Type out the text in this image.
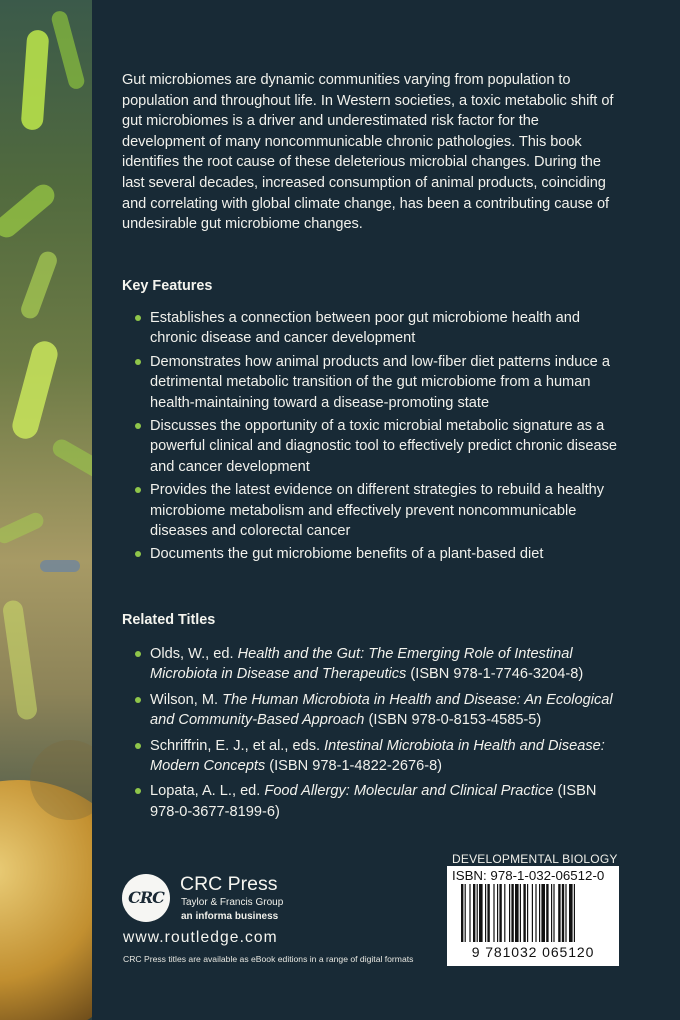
Gut microbiomes are dynamic communities varying from population to population and throughout life. In Western societies, a toxic metabolic shift of gut microbiomes is a driver and underestimated risk factor for the development of many noncommunicable chronic pathologies. This book identifies the root cause of these deleterious microbial changes. During the last several decades, increased consumption of animal products, coinciding and correlating with global climate change, has been a contributing cause of undesirable gut microbiome changes.

Key Features
Establishes a connection between poor gut microbiome health and chronic disease and cancer development
Demonstrates how animal products and low-fiber diet patterns induce a detrimental metabolic transition of the gut microbiome from a human health-maintaining toward a disease-promoting state
Discusses the opportunity of a toxic microbial metabolic signature as a powerful clinical and diagnostic tool to effectively predict chronic disease and cancer development
Provides the latest evidence on different strategies to rebuild a healthy microbiome metabolism and effectively prevent noncommunicable diseases and colorectal cancer
Documents the gut microbiome benefits of a plant-based diet
Related Titles
Olds, W., ed. Health and the Gut: The Emerging Role of Intestinal Microbiota in Disease and Therapeutics (ISBN 978-1-7746-3204-8)
Wilson, M. The Human Microbiota in Health and Disease: An Ecological and Community-Based Approach (ISBN 978-0-8153-4585-5)
Schriffrin, E. J., et al., eds. Intestinal Microbiota in Health and Disease: Modern Concepts (ISBN 978-1-4822-2676-8)
Lopata, A. L., ed. Food Allergy: Molecular and Clinical Practice (ISBN 978-0-3677-8199-6)
CRC
CRC Press
Taylor & Francis Group
an informa business
www.routledge.com
CRC Press titles are available as eBook editions in a range of digital formats
DEVELOPMENTAL BIOLOGY
ISBN: 978-1-032-06512-0
9 781032 065120
